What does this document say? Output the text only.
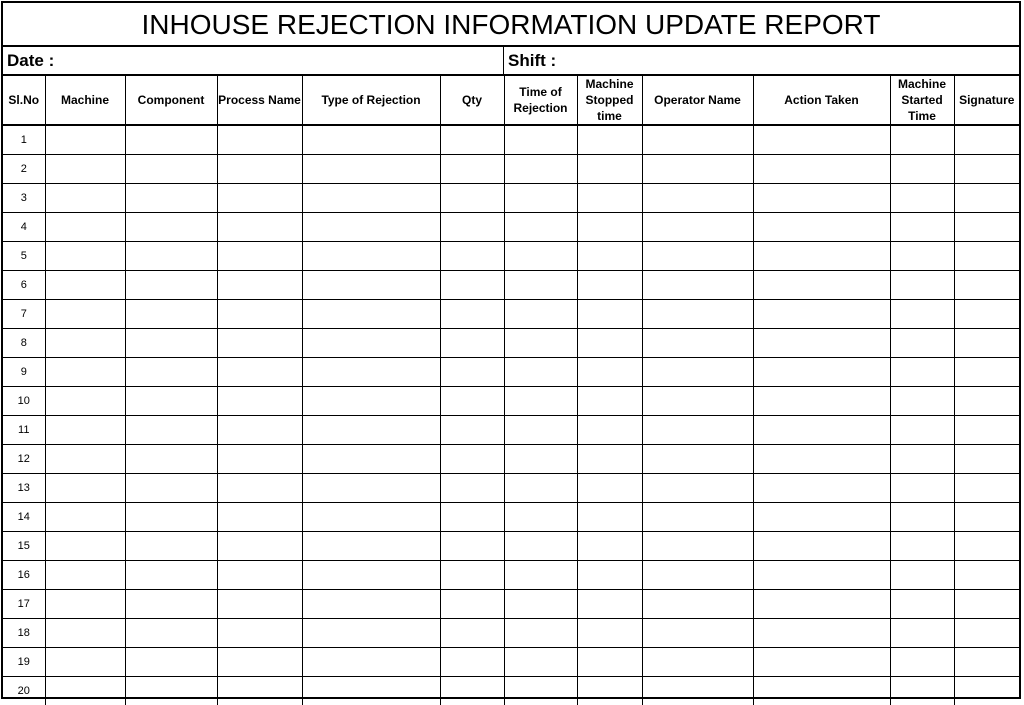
INHOUSE REJECTION INFORMATION UPDATE REPORT
Date :	Shift :
Sl.No	Machine	Component	Process Name	Type of Rejection	Qty	Time of Rejection	Machine Stopped time	Operator Name	Action Taken	Machine Started Time	Signature
1											
2											
3											
4											
5											
6											
7											
8											
9											
10											
11											
12											
13											
14											
15											
16											
17											
18											
19											
20											
